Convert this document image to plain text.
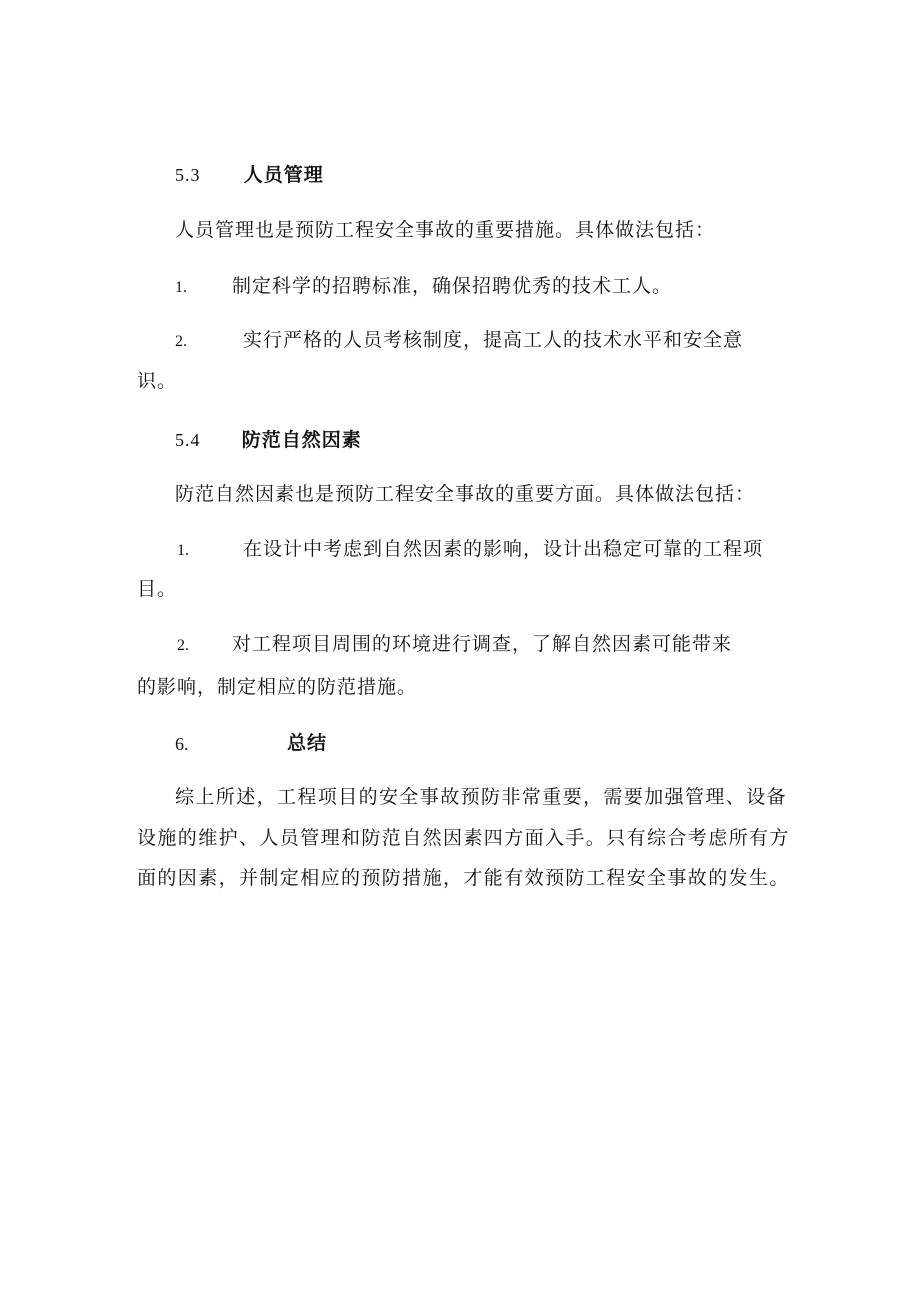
5.3 人员管理
人员管理也是预防工程安全事故的重要措施。具体做法包括：
1. 制定科学的招聘标准，确保招聘优秀的技术工人。
2.	实行严格的人员考核制度，提高工人的技术水平和安全意
识。
5.4 防范自然因素
防范自然因素也是预防工程安全事故的重要方面。具体做法包括：
1.	在设计中考虑到自然因素的影响，设计出稳定可靠的工程项
目。
2. 对工程项目周围的环境进行调查，了解自然因素可能带来
的影响，制定相应的防范措施。
6.	总结
综上所述，工程项目的安全事故预防非常重要，需要加强管理、设备
设施的维护、人员管理和防范自然因素四方面入手。只有综合考虑所有方
面的因素，并制定相应的预防措施，才能有效预防工程安全事故的发生。
